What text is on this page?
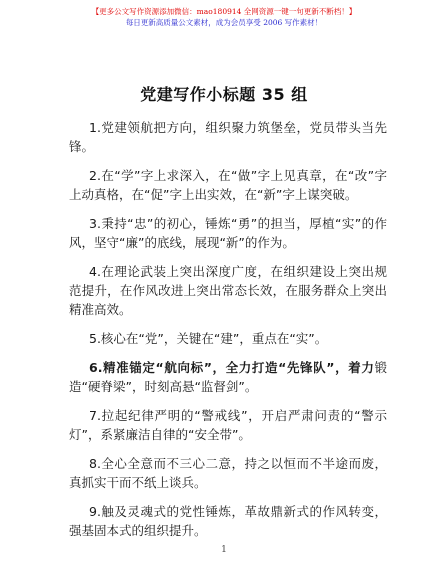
【更多公文写作资源添加微信：mao180914 全网资源一键一句更新不断档！】
每日更新高质量公文素材，成为会员享受 2006 写作素材！
党建写作小标题 35 组
1.党建领航把方向，组织聚力筑堡垒，党员带头当先锋。
2.在“学”字上求深入，在“做”字上见真章，在“改”字上动真格，在“促”字上出实效，在“新”字上谋突破。
3.秉持“忠”的初心，锤炼“勇”的担当，厚植“实”的作风，坚守“廉”的底线，展现“新”的作为。
4.在理论武装上突出深度广度，在组织建设上突出规范提升，在作风改进上突出常态长效，在服务群众上突出精准高效。
5.核心在“党”，关键在“建”，重点在“实”。
6.精准锚定“航向标”，全力打造“先锋队”，着力锻造“硬脊梁”，时刻高悬“监督剑”。
7.拉起纪律严明的“警戒线”，开启严肃问责的“警示灯”，系紧廉洁自律的“安全带”。
8.全心全意而不三心二意，持之以恒而不半途而废，真抓实干而不纸上谈兵。
9.触及灵魂式的党性锤炼，革故鼎新式的作风转变，强基固本式的组织提升。
1
